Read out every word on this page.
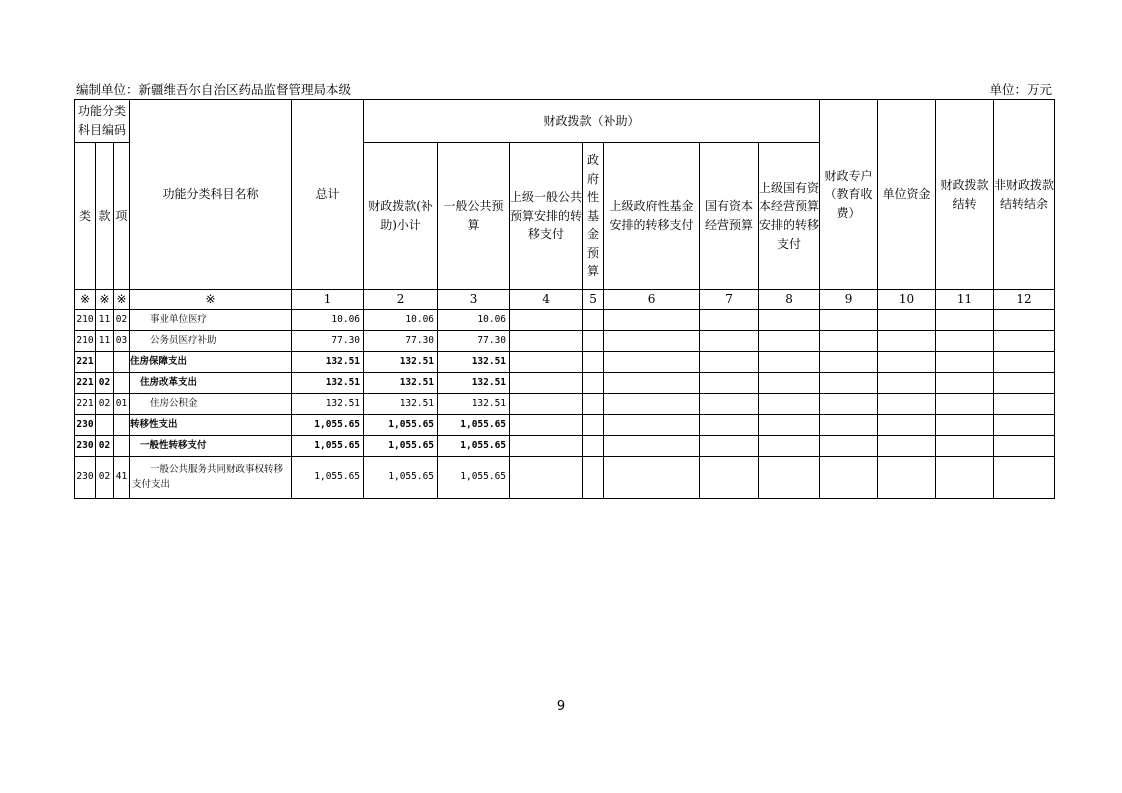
编制单位：新疆维吾尔自治区药品监督管理局本级	单位：万元
功能分类科目编码			功能分类科目名称	总计	财政拨款（补助）							财政专户（教育收费）	单位资金	财政拨款结转	非财政拨款结转结余
类	款	项			财政拨款(补助)小计	一般公共预算	上级一般公共预算安排的转移支付	政府性基金预算	上级政府性基金安排的转移支付	国有资本经营预算	上级国有资本经营预算安排的转移支付				
※	※	※	※	1	2	3	4	5	6	7	8	9	10	11	12
210	11	02	事业单位医疗	10.06	10.06	10.06									
210	11	03	公务员医疗补助	77.30	77.30	77.30									
221			住房保障支出	132.51	132.51	132.51									
221	02		住房改革支出	132.51	132.51	132.51									
221	02	01	住房公积金	132.51	132.51	132.51									
230			转移性支出	1,055.65	1,055.65	1,055.65									
230	02		一般性转移支付	1,055.65	1,055.65	1,055.65									
230	02	41	一般公共服务共同财政事权转移支付支出	1,055.65	1,055.65	1,055.65									
9
